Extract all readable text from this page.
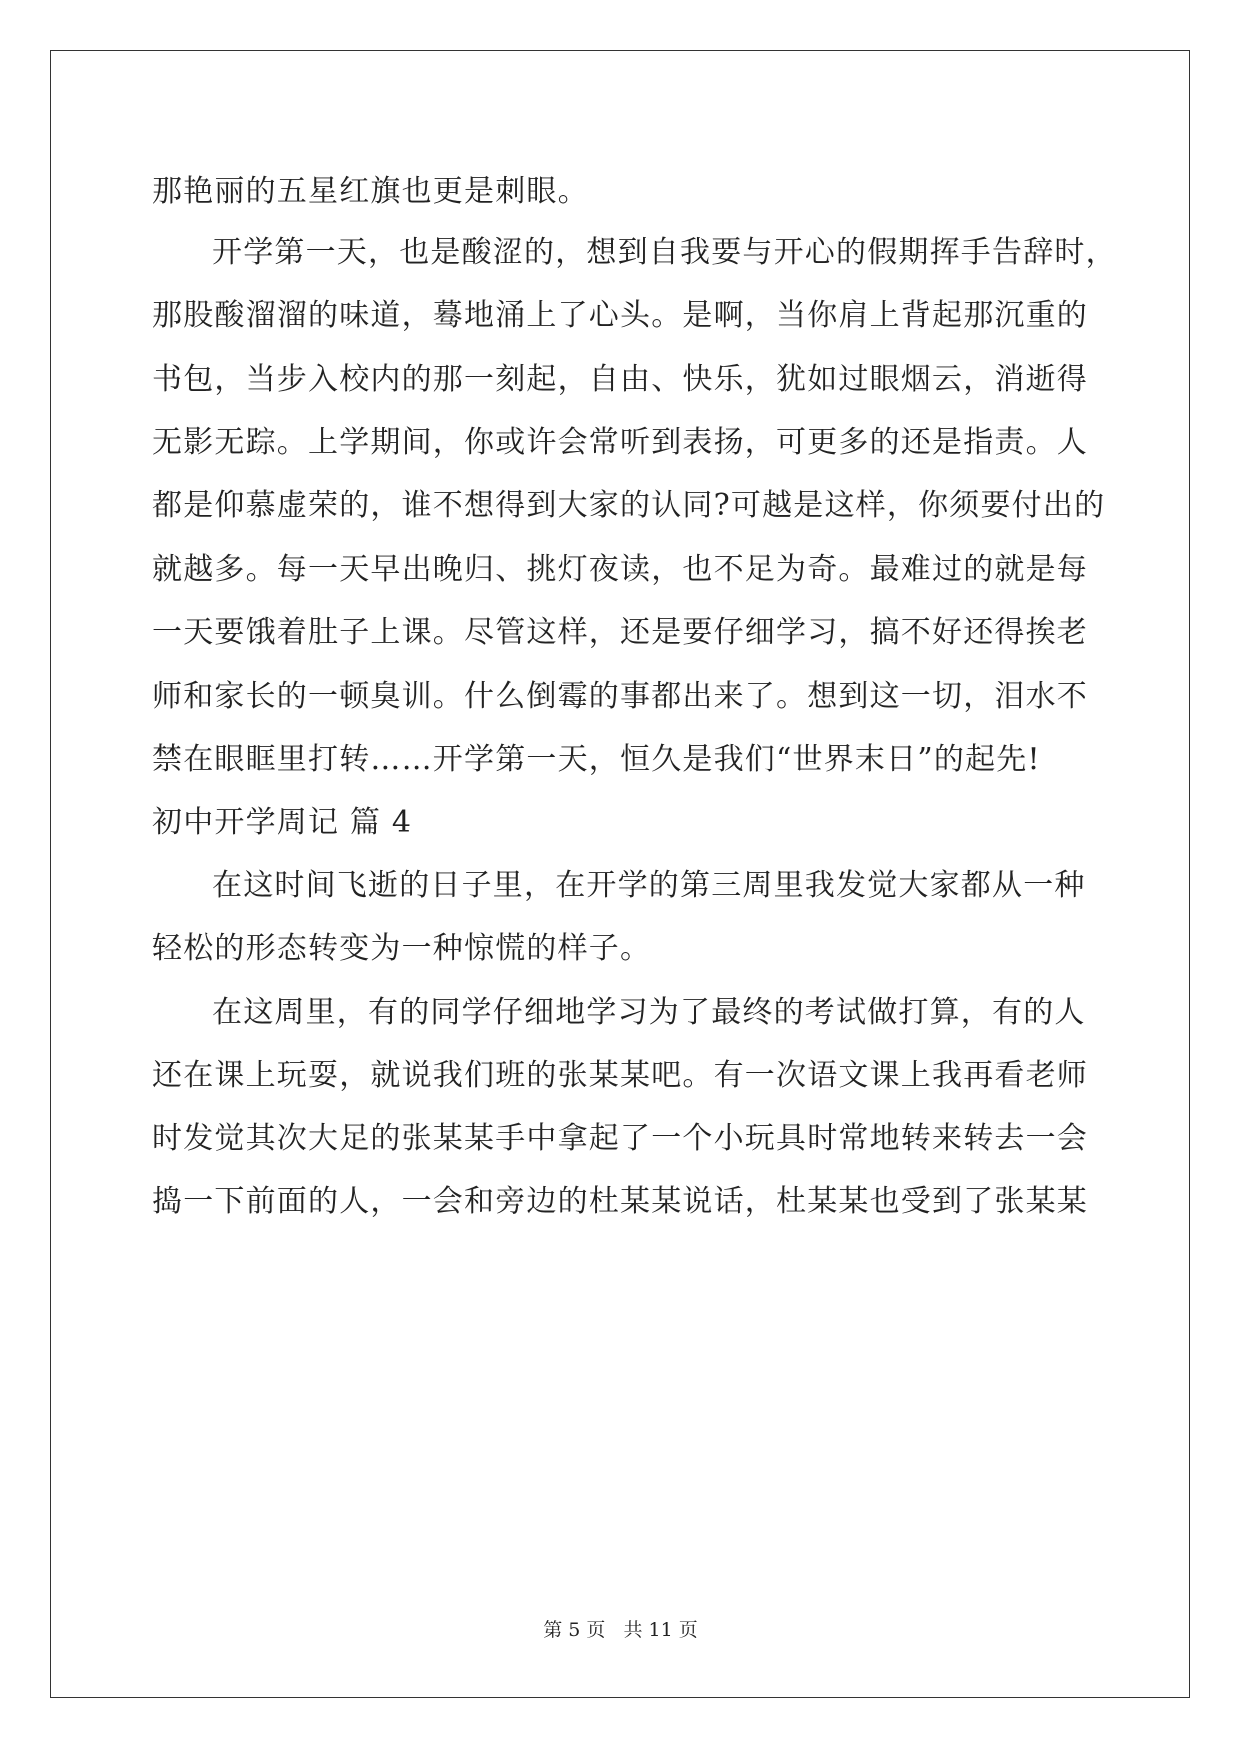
那艳丽的五星红旗也更是刺眼。
开学第一天，也是酸涩的，想到自我要与开心的假期挥手告辞时，
那股酸溜溜的味道，蓦地涌上了心头。是啊，当你肩上背起那沉重的
书包，当步入校内的那一刻起，自由、快乐，犹如过眼烟云，消逝得
无影无踪。上学期间，你或许会常听到表扬，可更多的还是指责。人
都是仰慕虚荣的，谁不想得到大家的认同?可越是这样，你须要付出的
就越多。每一天早出晚归、挑灯夜读，也不足为奇。最难过的就是每
一天要饿着肚子上课。尽管这样，还是要仔细学习，搞不好还得挨老
师和家长的一顿臭训。什么倒霉的事都出来了。想到这一切，泪水不
禁在眼眶里打转……开学第一天，恒久是我们“世界末日”的起先!
初中开学周记 篇 4
在这时间飞逝的日子里，在开学的第三周里我发觉大家都从一种
轻松的形态转变为一种惊慌的样子。
在这周里，有的同学仔细地学习为了最终的考试做打算，有的人
还在课上玩耍，就说我们班的张某某吧。有一次语文课上我再看老师
时发觉其次大足的张某某手中拿起了一个小玩具时常地转来转去一会
捣一下前面的人，一会和旁边的杜某某说话，杜某某也受到了张某某
第 5 页   共 11 页
